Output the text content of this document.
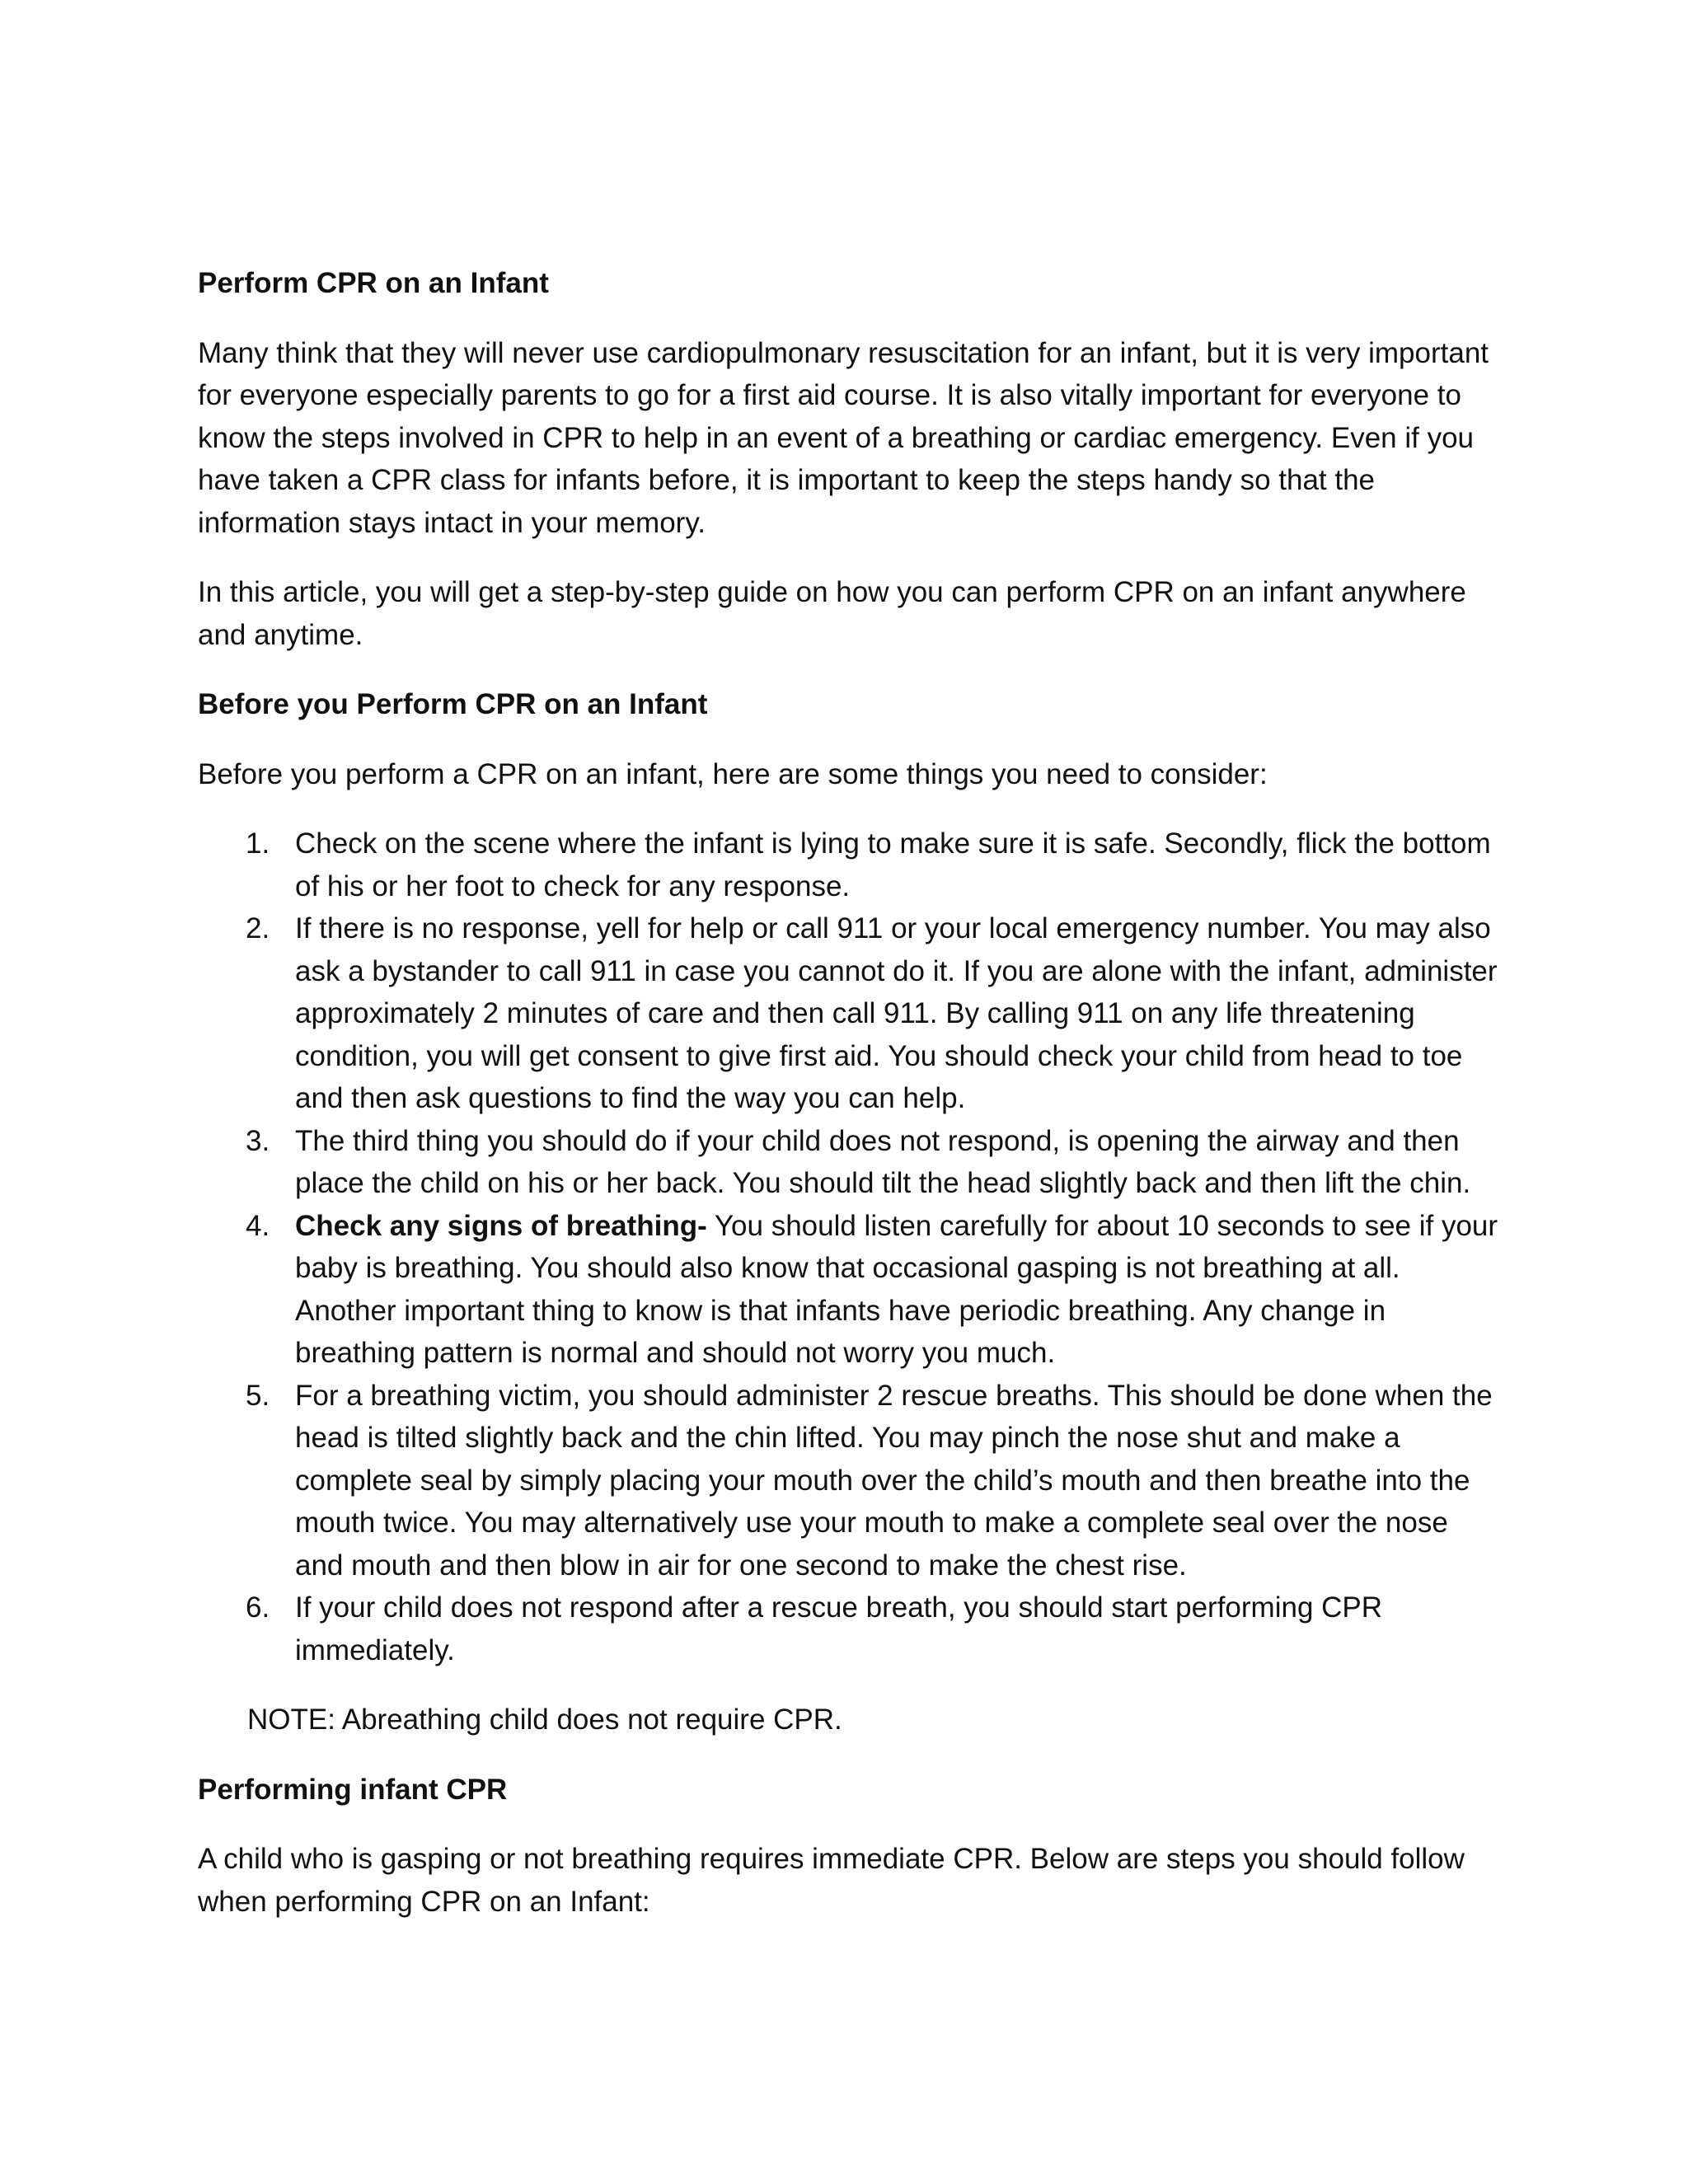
Perform CPR on an Infant

Many think that they will never use cardiopulmonary resuscitation for an infant, but it is very important for everyone especially parents to go for a first aid course. It is also vitally important for everyone to know the steps involved in CPR to help in an event of a breathing or cardiac emergency. Even if you have taken a CPR class for infants before, it is important to keep the steps handy so that the information stays intact in your memory.

In this article, you will get a step-by-step guide on how you can perform CPR on an infant anywhere and anytime.

Before you Perform CPR on an Infant

Before you perform a CPR on an infant, here are some things you need to consider:

1. Check on the scene where the infant is lying to make sure it is safe. Secondly, flick the bottom of his or her foot to check for any response.
2. If there is no response, yell for help or call 911 or your local emergency number. You may also ask a bystander to call 911 in case you cannot do it. If you are alone with the infant, administer approximately 2 minutes of care and then call 911. By calling 911 on any life threatening condition, you will get consent to give first aid. You should check your child from head to toe and then ask questions to find the way you can help.
3. The third thing you should do if your child does not respond, is opening the airway and then place the child on his or her back. You should tilt the head slightly back and then lift the chin.
4. Check any signs of breathing- You should listen carefully for about 10 seconds to see if your baby is breathing. You should also know that occasional gasping is not breathing at all. Another important thing to know is that infants have periodic breathing. Any change in breathing pattern is normal and should not worry you much.
5. For a breathing victim, you should administer 2 rescue breaths. This should be done when the head is tilted slightly back and the chin lifted. You may pinch the nose shut and make a complete seal by simply placing your mouth over the child’s mouth and then breathe into the mouth twice. You may alternatively use your mouth to make a complete seal over the nose and mouth and then blow in air for one second to make the chest rise.
6. If your child does not respond after a rescue breath, you should start performing CPR immediately.

NOTE: Abreathing child does not require CPR.

Performing infant CPR

A child who is gasping or not breathing requires immediate CPR. Below are steps you should follow when performing CPR on an Infant:
